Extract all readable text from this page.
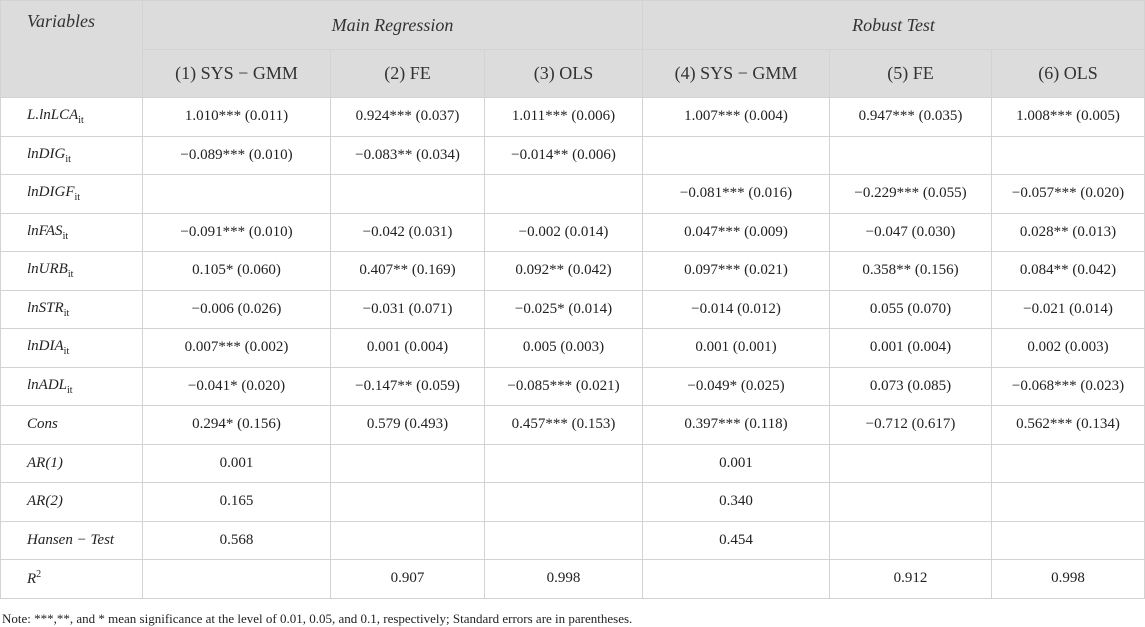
Variables	Main Regression			Robust Test		
	(1) SYS − GMM	(2) FE	(3) OLS	(4) SYS − GMM	(5) FE	(6) OLS
L.lnLCA$_{it}$	1.010*** (0.011)	0.924*** (0.037)	1.011*** (0.006)	1.007*** (0.004)	0.947*** (0.035)	1.008*** (0.005)
lnDIG$_{it}$	−0.089*** (0.010)	−0.083** (0.034)	−0.014** (0.006)			
lnDIGF$_{it}$				−0.081*** (0.016)	−0.229*** (0.055)	−0.057*** (0.020)
lnFAS$_{it}$	−0.091*** (0.010)	−0.042 (0.031)	−0.002 (0.014)	0.047*** (0.009)	−0.047 (0.030)	0.028** (0.013)
lnURB$_{it}$	0.105* (0.060)	0.407** (0.169)	0.092** (0.042)	0.097*** (0.021)	0.358** (0.156)	0.084** (0.042)
lnSTR$_{it}$	−0.006 (0.026)	−0.031 (0.071)	−0.025* (0.014)	−0.014 (0.012)	0.055 (0.070)	−0.021 (0.014)
lnDIA$_{it}$	0.007*** (0.002)	0.001 (0.004)	0.005 (0.003)	0.001 (0.001)	0.001 (0.004)	0.002 (0.003)
lnADL$_{it}$	−0.041* (0.020)	−0.147** (0.059)	−0.085*** (0.021)	−0.049* (0.025)	0.073 (0.085)	−0.068*** (0.023)
Cons	0.294* (0.156)	0.579 (0.493)	0.457*** (0.153)	0.397*** (0.118)	−0.712 (0.617)	0.562*** (0.134)
AR(1)	0.001			0.001		
AR(2)	0.165			0.340		
Hansen − Test	0.568			0.454		
$R^2$		0.907	0.998		0.912	0.998
Note: ***,**, and * mean significance at the level of 0.01, 0.05, and 0.1, respectively; Standard errors are in parentheses.
